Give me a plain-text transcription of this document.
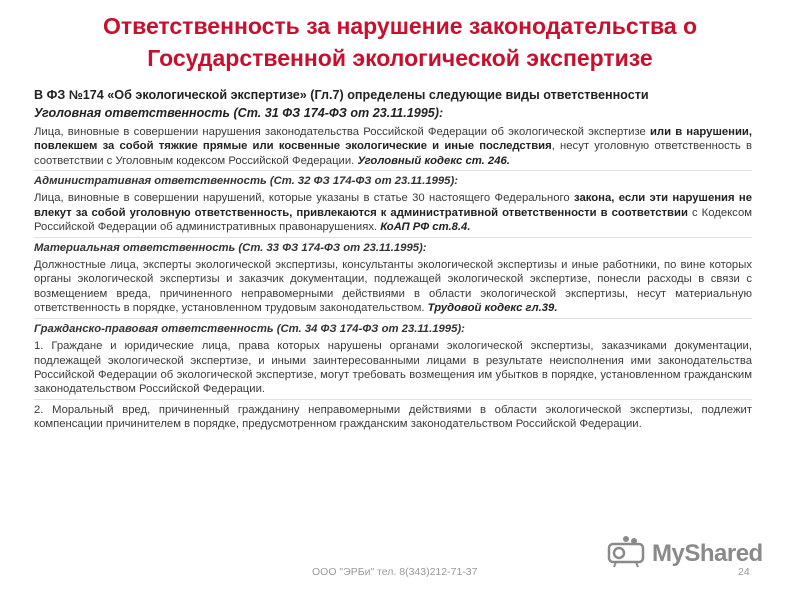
Ответственность за нарушение законодательства о Государственной экологической экспертизе
В ФЗ №174 «Об экологической экспертизе» (Гл.7) определены следующие виды ответственности
Уголовная ответственность (Ст. 31 ФЗ 174-ФЗ от 23.11.1995):
Лица, виновные в совершении нарушения законодательства Российской Федерации об экологической экспертизе или в нарушении, повлекшем за собой тяжкие прямые или косвенные экологические и иные последствия, несут уголовную ответственность в соответствии с Уголовным кодексом Российской Федерации. Уголовный кодекс ст. 246.
Административная ответственность (Ст. 32 ФЗ 174-ФЗ от 23.11.1995):
Лица, виновные в совершении нарушений, которые указаны в статье 30 настоящего Федерального закона, если эти нарушения не влекут за собой уголовную ответственность, привлекаются к административной ответственности в соответствии с Кодексом Российской Федерации об административных правонарушениях. КоАП РФ ст.8.4.
Материальная ответственность (Ст. 33 ФЗ 174-ФЗ от 23.11.1995):
Должностные лица, эксперты экологической экспертизы, консультанты экологической экспертизы и иные работники, по вине которых органы экологической экспертизы и заказчик документации, подлежащей экологической экспертизе, понесли расходы в связи с возмещением вреда, причиненного неправомерными действиями в области экологической экспертизы, несут материальную ответственность в порядке, установленном трудовым законодательством. Трудовой кодекс гл.39.
Гражданско-правовая ответственность (Ст. 34 ФЗ 174-ФЗ от 23.11.1995):
1. Граждане и юридические лица, права которых нарушены органами экологической экспертизы, заказчиками документации, подлежащей экологической экспертизе, и иными заинтересованными лицами в результате неисполнения ими законодательства Российской Федерации об экологической экспертизе, могут требовать возмещения им убытков в порядке, установленном гражданским законодательством Российской Федерации.
2. Моральный вред, причиненный гражданину неправомерными действиями в области экологической экспертизы, подлежит компенсации причинителем в порядке, предусмотренном гражданским законодательством Российской Федерации.
MyShared
ООО "ЭРБи" тел. 8(343)212-71-37	24
